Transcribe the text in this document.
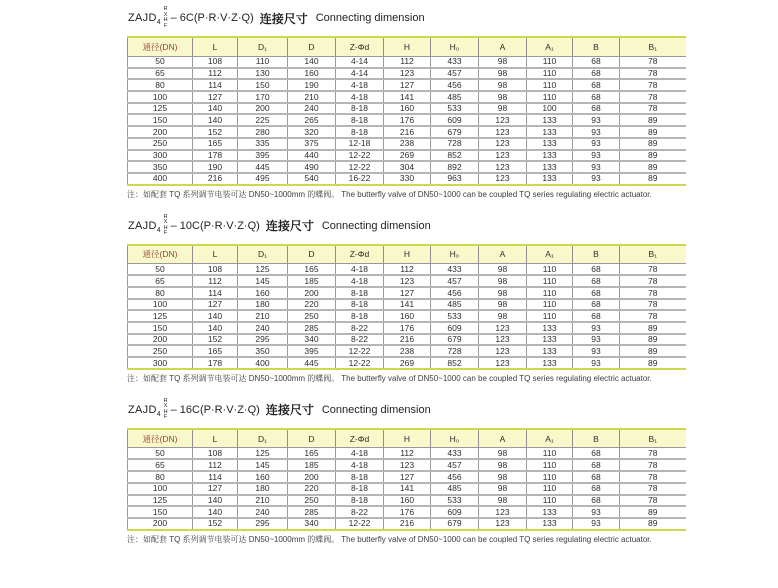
ZAJD 4
R
X
H
F
– 6C(P·R·V·Z·Q) 连接尺寸 Connecting dimension
通径(DN)	L	D₁	D	Z-Φd	H	H₀	A	A₁	B	B₁
50	108	110	140	4-14	112	433	98	110	68	78
65	112	130	160	4-14	123	457	98	110	68	78
80	114	150	190	4-18	127	456	98	110	68	78
100	127	170	210	4-18	141	485	98	110	68	78
125	140	200	240	8-18	160	533	98	100	68	78
150	140	225	265	8-18	176	609	123	133	93	89
200	152	280	320	8-18	216	679	123	133	93	89
250	165	335	375	12-18	238	728	123	133	93	89
300	178	395	440	12-22	269	852	123	133	93	89
350	190	445	490	12-22	304	892	123	133	93	89
400	216	495	540	16-22	330	963	123	133	93	89
注：如配套 TQ 系列调节电装可达 DN50~1000mm 的蝶阀。 The butterfly valve of DN50~1000 can be coupled TQ series regulating electric actuator.
ZAJD 4
R
X
H
F
– 10C(P·R·V·Z·Q) 连接尺寸 Connecting dimension
通径(DN)	L	D₁	D	Z-Φd	H	H₀	A	A₁	B	B₁
50	108	125	165	4-18	112	433	98	110	68	78
65	112	145	185	4-18	123	457	98	110	68	78
80	114	160	200	8-18	127	456	98	110	68	78
100	127	180	220	8-18	141	485	98	110	68	78
125	140	210	250	8-18	160	533	98	110	68	78
150	140	240	285	8-22	176	609	123	133	93	89
200	152	295	340	8-22	216	679	123	133	93	89
250	165	350	395	12-22	238	728	123	133	93	89
300	178	400	445	12-22	269	852	123	133	93	89
注：如配套 TQ 系列调节电装可达 DN50~1000mm 的蝶阀。 The butterfly valve of DN50~1000 can be coupled TQ series regulating electric actuator.
ZAJD 4
R
X
H
F
– 16C(P·R·V·Z·Q) 连接尺寸 Connecting dimension
通径(DN)	L	D₁	D	Z-Φd	H	H₀	A	A₁	B	B₁
50	108	125	165	4-18	112	433	98	110	68	78
65	112	145	185	4-18	123	457	98	110	68	78
80	114	160	200	8-18	127	456	98	110	68	78
100	127	180	220	8-18	141	485	98	110	68	78
125	140	210	250	8-18	160	533	98	110	68	78
150	140	240	285	8-22	176	609	123	133	93	89
200	152	295	340	12-22	216	679	123	133	93	89
注：如配套 TQ 系列调节电装可达 DN50~1000mm 的蝶阀。 The butterfly valve of DN50~1000 can be coupled TQ series regulating electric actuator.
